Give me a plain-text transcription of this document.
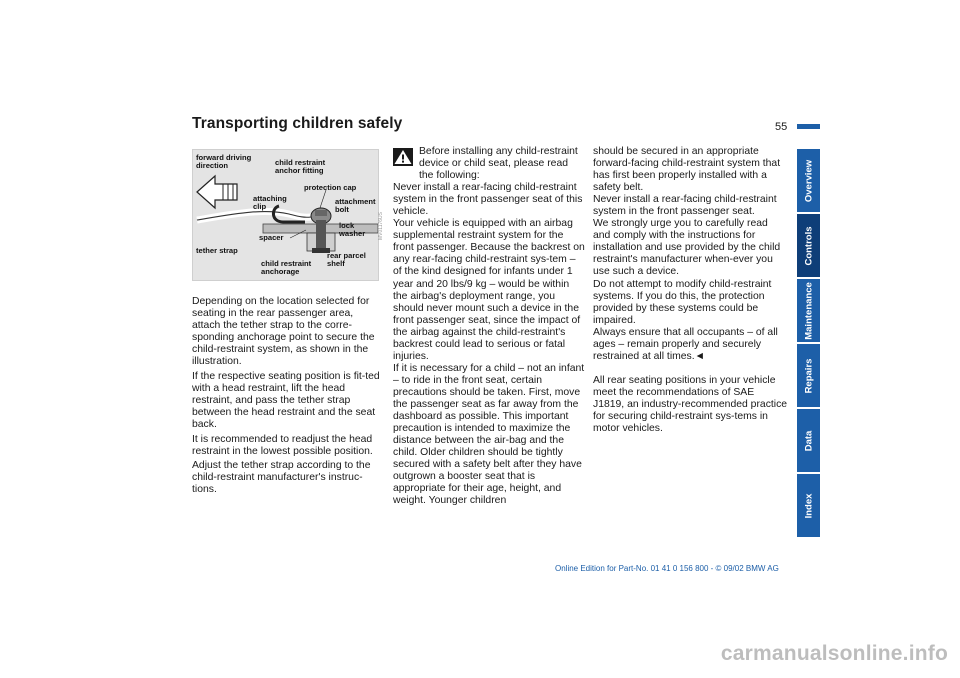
Transporting children safely	55
forward driving direction	child restraint anchor fitting
attaching clip
protection cap
attachment bolt
spacer
lock washer
tether strap
child restraint anchorage
rear parcel shelf
MV01176US

Depending on the location selected for seating in the rear passenger area, attach the tether strap to the corre-sponding anchorage point to secure the child-restraint system, as shown in the illustration.

If the respective seating position is fit-ted with a head restraint, lift the head restraint, and pass the tether strap between the head restraint and the seat back.

It is recommended to readjust the head restraint in the lowest possible position.

Adjust the tether strap according to the child-restraint manufacturer's instruc-tions.

Before installing any child-restraint device or child seat, please read the following:

Never install a rear-facing child-restraint system in the front passenger seat of this vehicle.

Your vehicle is equipped with an airbag supplemental restraint system for the front passenger. Because the backrest on any rear-facing child-restraint sys-tem – of the kind designed for infants under 1 year and 20 lbs/9 kg – would be within the airbag's deployment range, you should never mount such a device in the front passenger seat, since the impact of the airbag against the child-restraint's backrest could lead to serious or fatal injuries.

If it is necessary for a child – not an infant – to ride in the front seat, certain precautions should be taken. First, move the passenger seat as far away from the dashboard as possible. This important precaution is intended to maximize the distance between the air-bag and the child. Older children should be tightly secured with a safety belt after they have outgrown a booster seat that is appropriate for their age, height, and weight. Younger children

should be secured in an appropriate forward-facing child-restraint system that has first been properly installed with a safety belt.

Never install a rear-facing child-restraint system in the front passenger seat.

We strongly urge you to carefully read and comply with the instructions for installation and use provided by the child restraint's manufacturer when-ever you use such a device.

Do not attempt to modify child-restraint systems. If you do this, the protection provided by these systems could be impaired.

Always ensure that all occupants – of all ages – remain properly and securely restrained at all times.◄

All rear seating positions in your vehicle meet the recommendations of SAE J1819, an industry-recommended practice for securing child-restraint sys-tems in motor vehicles.

Overview
Controls
Maintenance
Repairs
Data
Index
Online Edition for Part-No. 01 41 0 156 800 - © 09/02 BMW AG
carmanualsonline.info
